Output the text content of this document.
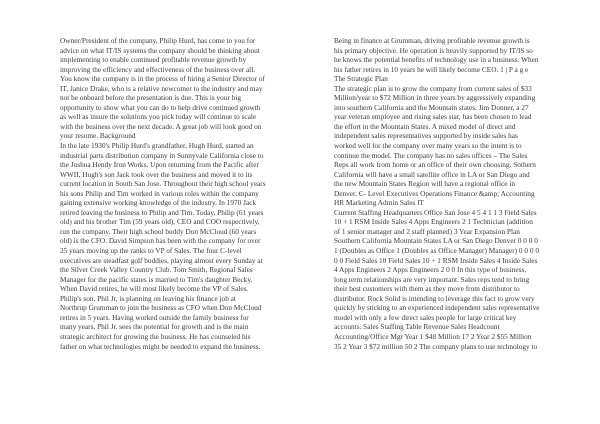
Owner/President of the company, Philip Hurd, has come to you for
advice on what IT/IS systems the company should be thinking about
implementing to enable continued profitable revenue growth by
improving the efficiency and effectiveness of the business over all.
You know the company is in the process of hiring a Senior Director of
IT, Janice Drake, who is a relative newcomer to the industry and may
not be onboard before the presentation is due. This is your big
opportunity to show what you can do to help drive continued growth
as well as insure the solutions you pick today will continue to scale
with the business over the next decade. A great job will look good on
your resume. Background
In the late 1930's Philip Hurd's grandfather, Hugh Hurd, started an
industrial parts distribution company in Sunnyvale California close to
the Joshua Hendy Iron Works. Upon returning from the Pacific after
WWII, Hugh's son Jack took over the business and moved it to its
current location in South San Jose. Throughout their high school years
his sons Philip and Tim worked in various roles within the company
gaining extensive working knowledge of the industry. In 1970 Jack
retired leaving the business to Philip and Tim. Today, Philip (61 years
old) and his brother Tim (59 years old), CEO and COO respectively,
run the company. Their high school buddy Don McCloud (60 years
old) is the CFO. David Simpson has been with the company for over
25 years moving up the ranks to VP of Sales. The four C-level
executives are steadfast golf buddies, playing almost every Sunday at
the Silver Creek Valley Country Club. Tom Smith, Regional Sales
Manager for the pacific states is married to Tim's daughter Becky.
When David retires, he will most likely become the VP of Sales.
Philip's son, Phil Jr, is planning on leaving his finance job at
Northrup Grumman to join the business as CFO when Don McCloud
retires in 5 years. Having worked outside the family business for
many years, Phil Jr. sees the potential for growth and is the main
strategic architect for growing the business. He has counseled his
father on what technologies might be needed to expand the business.
Being in finance at Grumman, driving profitable revenue growth is
his primary objective. He operation is heavily supported by IT/IS so
he knows the potential benefits of technology use in a business. When
his father retires in 10 years he will likely become CEO. 1 | P a g e
The Strategic Plan
The strategic plan is to grow the company from current sales of $33
Million/year to $72 Million in three years by aggressively expanding
into southern California and the Mountain states. Jim Donner, a 27
year veteran employee and rising sales star, has been chosen to lead
the effort in the Mountain States. A mixed model of direct and
independent sales representatives supported by inside sales has
worked well for the company over many years so the intent is to
continue the model. The company has no sales offices – The Sales
Reps all work from home or an office of their own choosing. Sothern
California will have a small satellite office in LA or San Diego and
the new Mountain States Region will have a regional office in
Denver. C- Level Executives Operations Finance &amp; Accounting
HR Marketing Admin Sales IT
Current Staffing Headquarters Office San Jose 4 5 4 1 1 3 Field Sales
10 + 1 RSM Inside Sales 4 Apps Engineers 2 1 Technician (addition
of 1 senior manager and 2 staff planned) 3 Year Expansion Plan
Southern California Mountain States LA or San Diego Denver 0 0 0 0
1 (Doubles as Office 1 (Doubles as Office Manager) Manager) 0 0 0 0
0 0 Field Sales 10 Field Sales 10 + 1 RSM Inside Sales 4 Inside Sales
4 Apps Engineers 2 Apps Engineers 2 0 0 In this type of business,
long term relationships are very important. Sales reps tend to bring
their best customers with them as they move from distributor to
distributor. Rock Solid is intending to leverage this fact to grow very
quickly by sticking to an experienced independent sales representative
model with only a few direct sales people for large critical key
accounts. Sales Staffing Table Revenue Sales Headcount
Accounting/Office Mgr Year 1 $48 Million 17 2 Year 2 $55 Million
35 2 Year 3 $72 million 50 2 The company plans to use technology to
